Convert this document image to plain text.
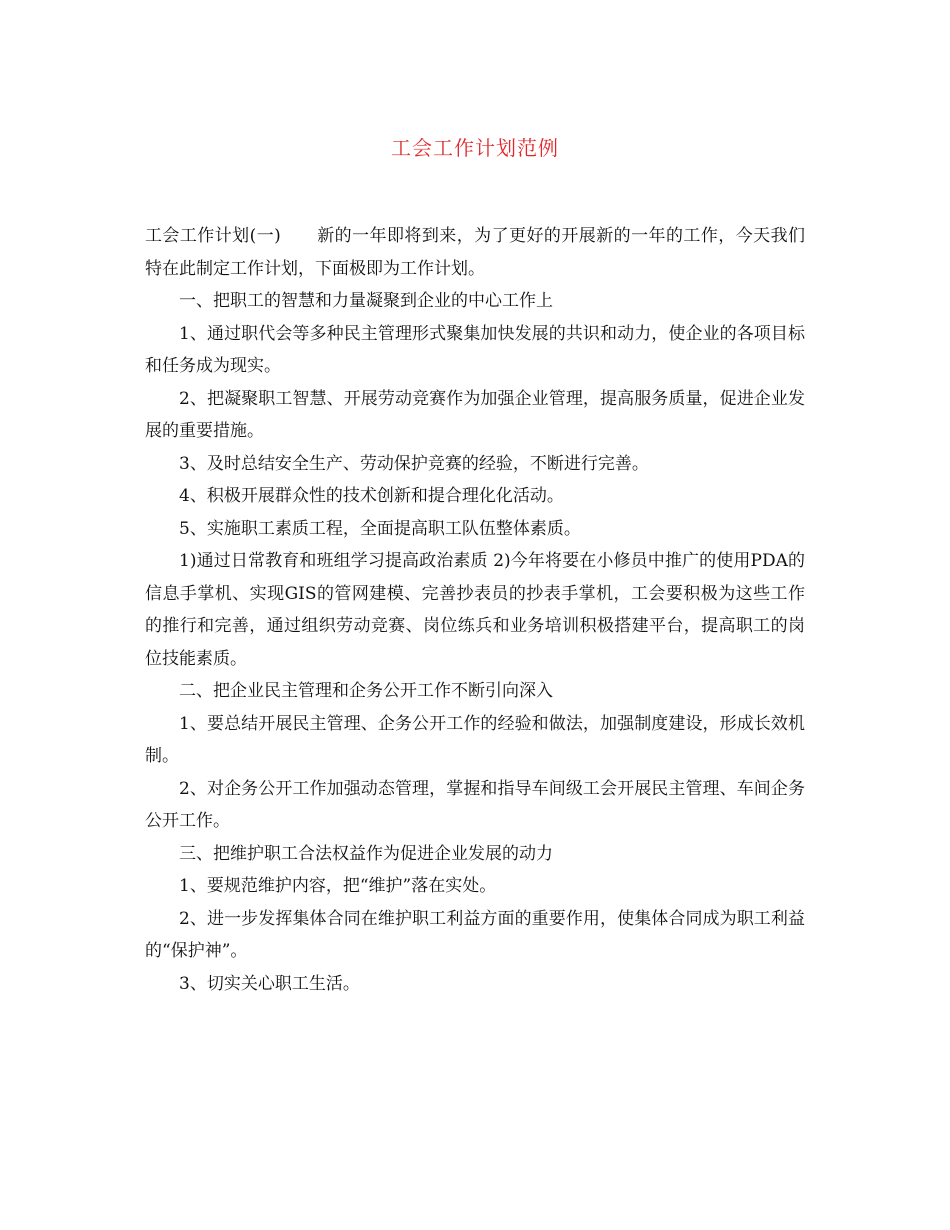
工会工作计划范例

工会工作计划(一) 新的一年即将到来，为了更好的开展新的一年的工作，今天我们特在此制定工作计划，下面极即为工作计划。

一、把职工的智慧和力量凝聚到企业的中心工作上

1、通过职代会等多种民主管理形式聚集加快发展的共识和动力，使企业的各项目标和任务成为现实。

2、把凝聚职工智慧、开展劳动竞赛作为加强企业管理，提高服务质量，促进企业发展的重要措施。

3、及时总结安全生产、劳动保护竞赛的经验，不断进行完善。

4、积极开展群众性的技术创新和提合理化化活动。

5、实施职工素质工程，全面提高职工队伍整体素质。

1)通过日常教育和班组学习提高政治素质 2)今年将要在小修员中推广的使用PDA的信息手掌机、实现GIS的管网建模、完善抄表员的抄表手掌机，工会要积极为这些工作的推行和完善，通过组织劳动竞赛、岗位练兵和业务培训积极搭建平台，提高职工的岗位技能素质。

二、把企业民主管理和企务公开工作不断引向深入

1、要总结开展民主管理、企务公开工作的经验和做法，加强制度建设，形成长效机制。

2、对企务公开工作加强动态管理，掌握和指导车间级工会开展民主管理、车间企务公开工作。

三、把维护职工合法权益作为促进企业发展的动力

1、要规范维护内容，把“维护”落在实处。

2、进一步发挥集体合同在维护职工利益方面的重要作用，使集体合同成为职工利益的“保护神”。

3、切实关心职工生活。
